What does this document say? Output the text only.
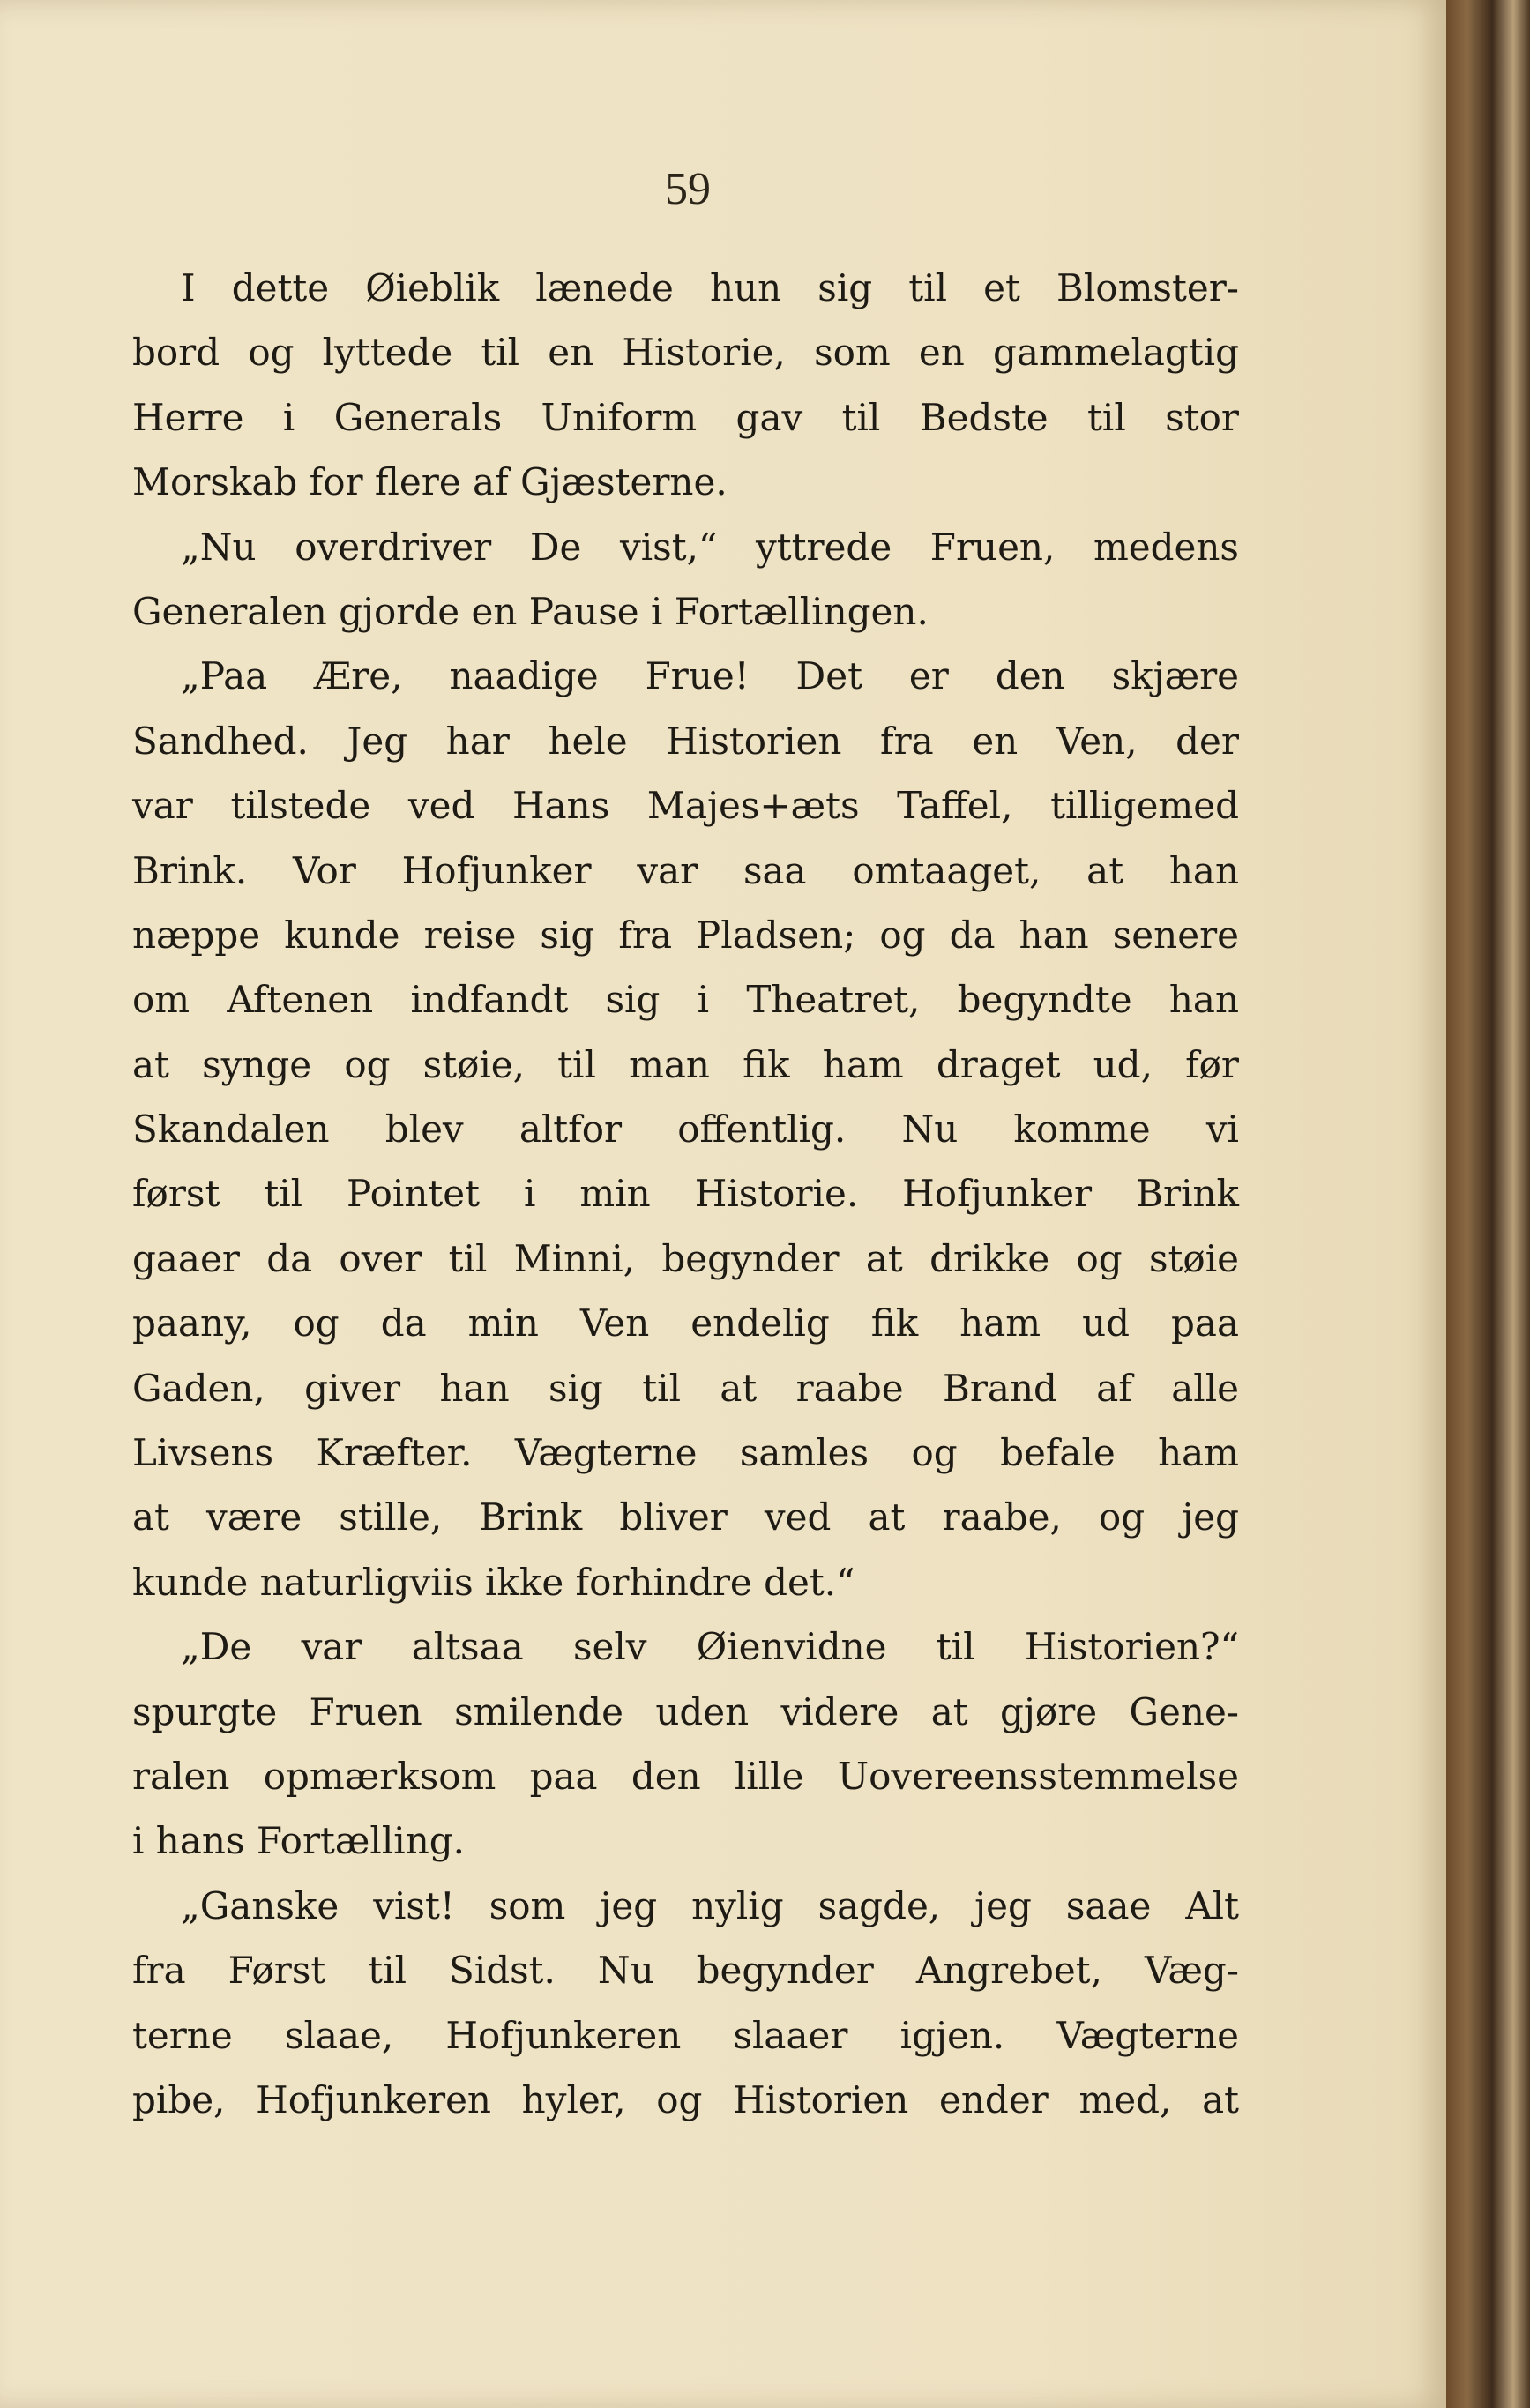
59
I dette Øieblik lænede hun sig til et Blomster-
bord og lyttede til en Historie, som en gammelagtig
Herre i Generals Uniform gav til Bedste til stor
Morskab for flere af Gjæsterne.
„Nu overdriver De vist,“ yttrede Fruen, medens
Generalen gjorde en Pause i Fortællingen.
„Paa Ære, naadige Frue! Det er den skjære
Sandhed. Jeg har hele Historien fra en Ven, der
var tilstede ved Hans Majes+æts Taffel, tilligemed
Brink. Vor Hofjunker var saa omtaaget, at han
næppe kunde reise sig fra Pladsen; og da han senere
om Aftenen indfandt sig i Theatret, begyndte han
at synge og støie, til man fik ham draget ud, før
Skandalen blev altfor offentlig. Nu komme vi
først til Pointet i min Historie. Hofjunker Brink
gaaer da over til Minni, begynder at drikke og støie
paany, og da min Ven endelig fik ham ud paa
Gaden, giver han sig til at raabe Brand af alle
Livsens Kræfter. Vægterne samles og befale ham
at være stille, Brink bliver ved at raabe, og jeg
kunde naturligviis ikke forhindre det.“
„De var altsaa selv Øienvidne til Historien?“
spurgte Fruen smilende uden videre at gjøre Gene-
ralen opmærksom paa den lille Uovereensstemmelse
i hans Fortælling.
„Ganske vist! som jeg nylig sagde, jeg saae Alt
fra Først til Sidst. Nu begynder Angrebet, Væg-
terne slaae, Hofjunkeren slaaer igjen. Vægterne
pibe, Hofjunkeren hyler, og Historien ender med, at
